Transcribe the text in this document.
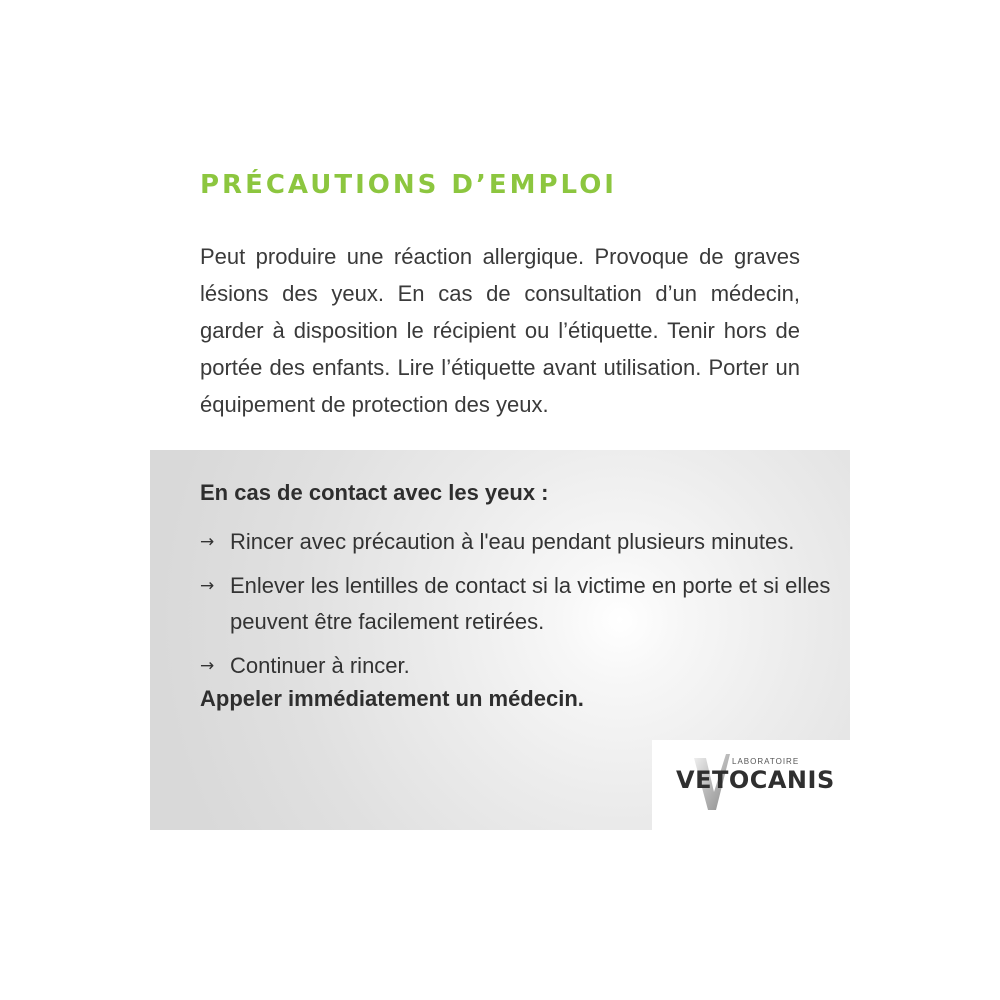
PRÉCAUTIONS D’EMPLOI

Peut produire une réaction allergique. Provoque de graves lésions des yeux. En cas de consultation d’un médecin, garder à disposition le récipient ou l’étiquette. Tenir hors de portée des enfants. Lire l’étiquette avant utilisation. Porter un équipement de protection des yeux.

En cas de contact avec les yeux :
→ Rincer avec précaution à l'eau pendant plusieurs minutes.
→ Enlever les lentilles de contact si la victime en porte et si elles peuvent être facilement retirées.
→ Continuer à rincer.
Appeler immédiatement un médecin.
LABORATOIRE
VETOCANIS
